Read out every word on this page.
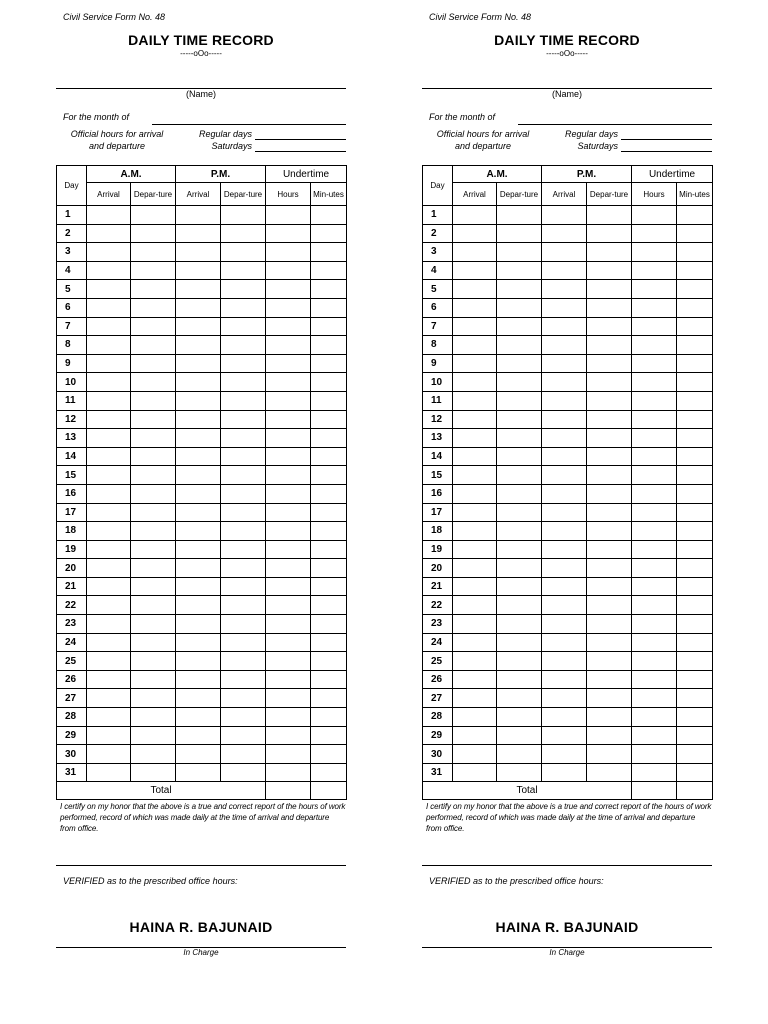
Civil Service Form No. 48
DAILY TIME RECORD
-----oOo-----
(Name)
For the month of
Official hours for arrival and departure
Regular days
Saturdays
Day	A.M.		P.M.		Undertime	
	Arrival	Depar-ture	Arrival	Depar-ture	Hours	Min-utes
1						
2						
3						
4						
5						
6						
7						
8						
9						
10						
11						
12						
13						
14						
15						
16						
17						
18						
19						
20						
21						
22						
23						
24						
25						
26						
27						
28						
29						
30						
31						
Total						
I certify on my honor that the above is a true and correct report of the hours of work performed, record of which was made daily at the time of arrival and departure from office.
VERIFIED as to the prescribed office hours:
HAINA R. BAJUNAID
In Charge
Civil Service Form No. 48
DAILY TIME RECORD
-----oOo-----
(Name)
For the month of
Official hours for arrival and departure
Regular days
Saturdays
Day	A.M.		P.M.		Undertime	
	Arrival	Depar-ture	Arrival	Depar-ture	Hours	Min-utes
1						
2						
3						
4						
5						
6						
7						
8						
9						
10						
11						
12						
13						
14						
15						
16						
17						
18						
19						
20						
21						
22						
23						
24						
25						
26						
27						
28						
29						
30						
31						
Total						
I certify on my honor that the above is a true and correct report of the hours of work performed, record of which was made daily at the time of arrival and departure from office.
VERIFIED as to the prescribed office hours:
HAINA R. BAJUNAID
In Charge
